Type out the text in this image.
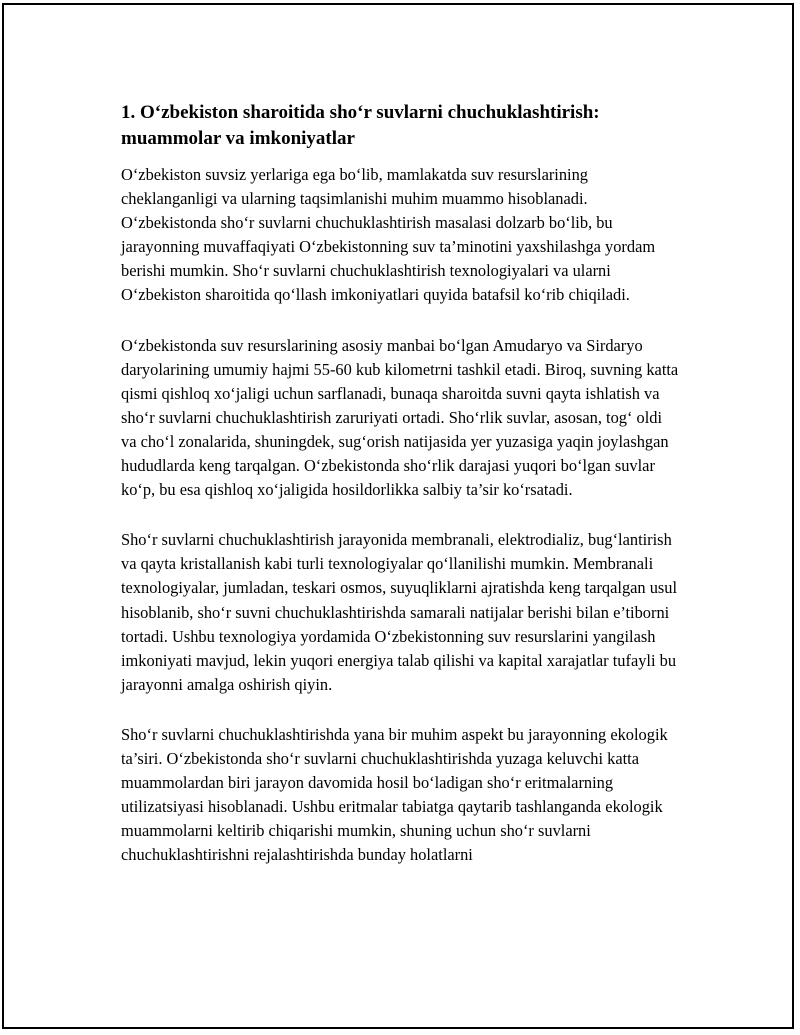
1. O‘zbekiston sharoitida sho‘r suvlarni chuchuklashtirish: muammolar va imkoniyatlar

O‘zbekiston suvsiz yerlariga ega bo‘lib, mamlakatda suv resurslarining cheklanganligi va ularning taqsimlanishi muhim muammo hisoblanadi. O‘zbekistonda sho‘r suvlarni chuchuklashtirish masalasi dolzarb bo‘lib, bu jarayonning muvaffaqiyati O‘zbekistonning suv ta’minotini yaxshilashga yordam berishi mumkin. Sho‘r suvlarni chuchuklashtirish texnologiyalari va ularni O‘zbekiston sharoitida qo‘llash imkoniyatlari quyida batafsil ko‘rib chiqiladi.

O‘zbekistonda suv resurslarining asosiy manbai bo‘lgan Amudaryo va Sirdaryo daryolarining umumiy hajmi 55-60 kub kilometrni tashkil etadi. Biroq, suvning katta qismi qishloq xo‘jaligi uchun sarflanadi, bunaqa sharoitda suvni qayta ishlatish va sho‘r suvlarni chuchuklashtirish zaruriyati ortadi. Sho‘rlik suvlar, asosan, tog‘ oldi va cho‘l zonalarida, shuningdek, sug‘orish natijasida yer yuzasiga yaqin joylashgan hududlarda keng tarqalgan. O‘zbekistonda sho‘rlik darajasi yuqori bo‘lgan suvlar ko‘p, bu esa qishloq xo‘jaligida hosildorlikka salbiy ta’sir ko‘rsatadi.

Sho‘r suvlarni chuchuklashtirish jarayonida membranali, elektrodializ, bug‘lantirish va qayta kristallanish kabi turli texnologiyalar qo‘llanilishi mumkin. Membranali texnologiyalar, jumladan, teskari osmos, suyuqliklarni ajratishda keng tarqalgan usul hisoblanib, sho‘r suvni chuchuklashtirishda samarali natijalar berishi bilan e’tiborni tortadi. Ushbu texnologiya yordamida O‘zbekistonning suv resurslarini yangilash imkoniyati mavjud, lekin yuqori energiya talab qilishi va kapital xarajatlar tufayli bu jarayonni amalga oshirish qiyin.

Sho‘r suvlarni chuchuklashtirishda yana bir muhim aspekt bu jarayonning ekologik ta’siri. O‘zbekistonda sho‘r suvlarni chuchuklashtirishda yuzaga keluvchi katta muammolardan biri jarayon davomida hosil bo‘ladigan sho‘r eritmalarning utilizatsiyasi hisoblanadi. Ushbu eritmalar tabiatga qaytarib tashlanganda ekologik muammolarni keltirib chiqarishi mumkin, shuning uchun sho‘r suvlarni chuchuklashtirishni rejalashtirishda bunday holatlarni
